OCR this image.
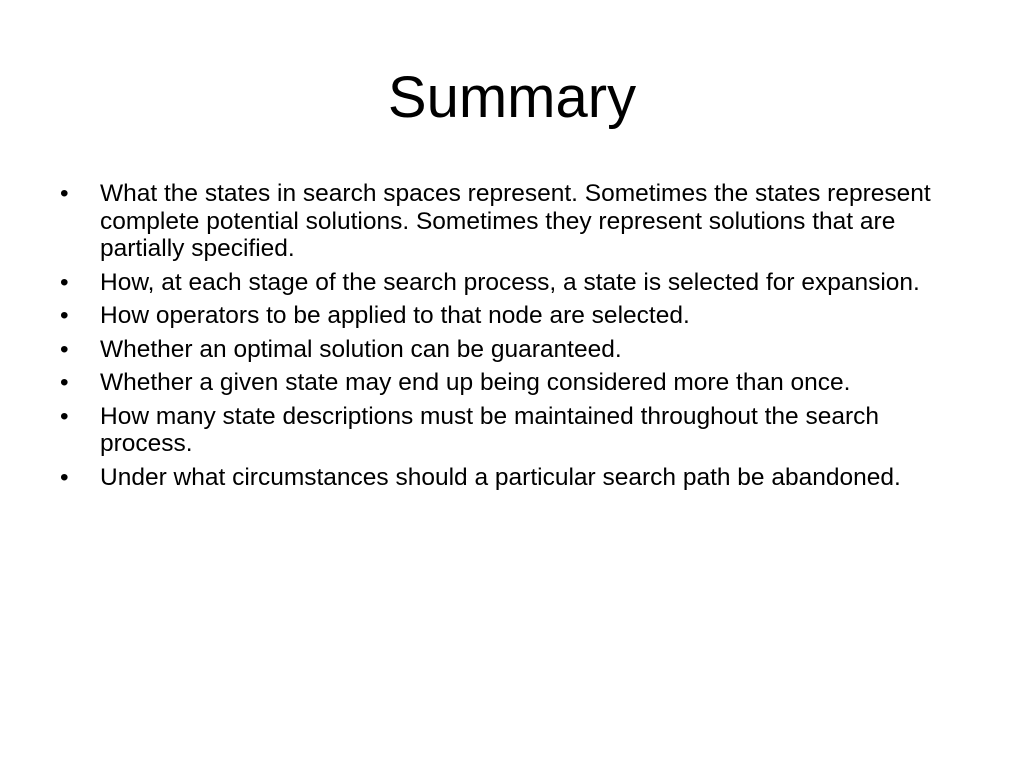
Summary
•	What the states in search spaces represent. Sometimes the states represent complete potential solutions. Sometimes they represent solutions that are partially specified.
•	How, at each stage of the search process, a state is selected for expansion.
•	How operators to be applied to that node are selected.
•	Whether an optimal solution can be guaranteed.
•	Whether a given state may end up being considered more than once.
•	How many state descriptions must be maintained throughout the search process.
•	Under what circumstances should a particular search path be abandoned.
